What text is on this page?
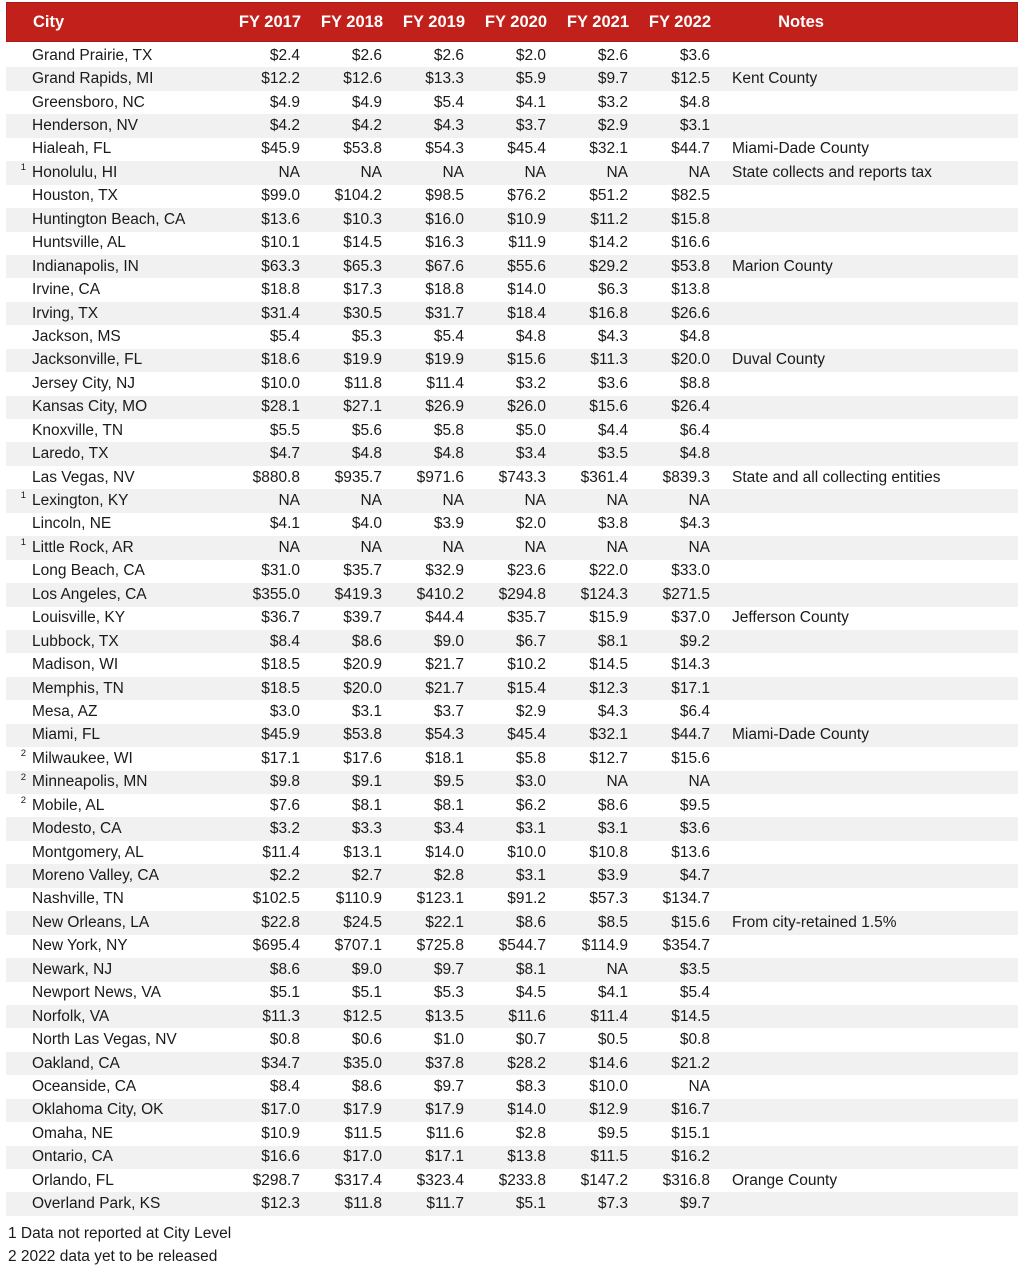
City	FY 2017	FY 2018	FY 2019	FY 2020	FY 2021	FY 2022	Notes
Grand Prairie, TX	$2.4	$2.6	$2.6	$2.0	$2.6	$3.6
Grand Rapids, MI	$12.2	$12.6	$13.3	$5.9	$9.7	$12.5	Kent County
Greensboro, NC	$4.9	$4.9	$5.4	$4.1	$3.2	$4.8
Henderson, NV	$4.2	$4.2	$4.3	$3.7	$2.9	$3.1
Hialeah, FL	$45.9	$53.8	$54.3	$45.4	$32.1	$44.7	Miami-Dade County
1 Honolulu, HI	NA	NA	NA	NA	NA	NA	State collects and reports tax
Houston, TX	$99.0	$104.2	$98.5	$76.2	$51.2	$82.5
Huntington Beach, CA	$13.6	$10.3	$16.0	$10.9	$11.2	$15.8
Huntsville, AL	$10.1	$14.5	$16.3	$11.9	$14.2	$16.6
Indianapolis, IN	$63.3	$65.3	$67.6	$55.6	$29.2	$53.8	Marion County
Irvine, CA	$18.8	$17.3	$18.8	$14.0	$6.3	$13.8
Irving, TX	$31.4	$30.5	$31.7	$18.4	$16.8	$26.6
Jackson, MS	$5.4	$5.3	$5.4	$4.8	$4.3	$4.8
Jacksonville, FL	$18.6	$19.9	$19.9	$15.6	$11.3	$20.0	Duval County
Jersey City, NJ	$10.0	$11.8	$11.4	$3.2	$3.6	$8.8
Kansas City, MO	$28.1	$27.1	$26.9	$26.0	$15.6	$26.4
Knoxville, TN	$5.5	$5.6	$5.8	$5.0	$4.4	$6.4
Laredo, TX	$4.7	$4.8	$4.8	$3.4	$3.5	$4.8
Las Vegas, NV	$880.8	$935.7	$971.6	$743.3	$361.4	$839.3	State and all collecting entities
1 Lexington, KY	NA	NA	NA	NA	NA	NA
Lincoln, NE	$4.1	$4.0	$3.9	$2.0	$3.8	$4.3
1 Little Rock, AR	NA	NA	NA	NA	NA	NA
Long Beach, CA	$31.0	$35.7	$32.9	$23.6	$22.0	$33.0
Los Angeles, CA	$355.0	$419.3	$410.2	$294.8	$124.3	$271.5
Louisville, KY	$36.7	$39.7	$44.4	$35.7	$15.9	$37.0	Jefferson County
Lubbock, TX	$8.4	$8.6	$9.0	$6.7	$8.1	$9.2
Madison, WI	$18.5	$20.9	$21.7	$10.2	$14.5	$14.3
Memphis, TN	$18.5	$20.0	$21.7	$15.4	$12.3	$17.1
Mesa, AZ	$3.0	$3.1	$3.7	$2.9	$4.3	$6.4
Miami, FL	$45.9	$53.8	$54.3	$45.4	$32.1	$44.7	Miami-Dade County
2 Milwaukee, WI	$17.1	$17.6	$18.1	$5.8	$12.7	$15.6
2 Minneapolis, MN	$9.8	$9.1	$9.5	$3.0	NA	NA
2 Mobile, AL	$7.6	$8.1	$8.1	$6.2	$8.6	$9.5
Modesto, CA	$3.2	$3.3	$3.4	$3.1	$3.1	$3.6
Montgomery, AL	$11.4	$13.1	$14.0	$10.0	$10.8	$13.6
Moreno Valley, CA	$2.2	$2.7	$2.8	$3.1	$3.9	$4.7
Nashville, TN	$102.5	$110.9	$123.1	$91.2	$57.3	$134.7
New Orleans, LA	$22.8	$24.5	$22.1	$8.6	$8.5	$15.6	From city-retained 1.5%
New York, NY	$695.4	$707.1	$725.8	$544.7	$114.9	$354.7
Newark, NJ	$8.6	$9.0	$9.7	$8.1	NA	$3.5
Newport News, VA	$5.1	$5.1	$5.3	$4.5	$4.1	$5.4
Norfolk, VA	$11.3	$12.5	$13.5	$11.6	$11.4	$14.5
North Las Vegas, NV	$0.8	$0.6	$1.0	$0.7	$0.5	$0.8
Oakland, CA	$34.7	$35.0	$37.8	$28.2	$14.6	$21.2
Oceanside, CA	$8.4	$8.6	$9.7	$8.3	$10.0	NA
Oklahoma City, OK	$17.0	$17.9	$17.9	$14.0	$12.9	$16.7
Omaha, NE	$10.9	$11.5	$11.6	$2.8	$9.5	$15.1
Ontario, CA	$16.6	$17.0	$17.1	$13.8	$11.5	$16.2
Orlando, FL	$298.7	$317.4	$323.4	$233.8	$147.2	$316.8	Orange County
Overland Park, KS	$12.3	$11.8	$11.7	$5.1	$7.3	$9.7
1 Data not reported at City Level
2 2022 data yet to be released
